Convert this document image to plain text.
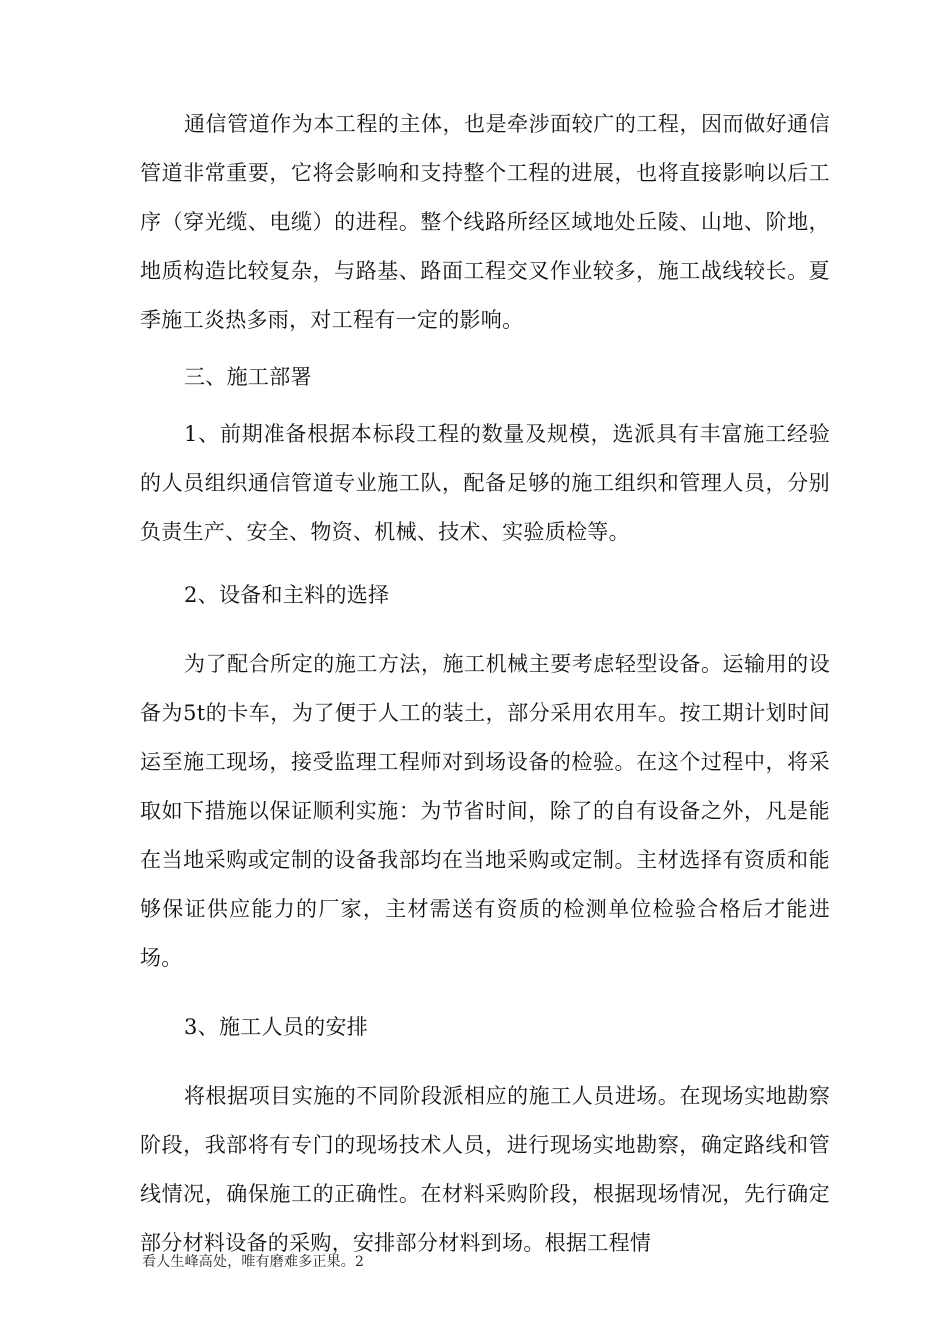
通信管道作为本工程的主体，也是牵涉面较广的工程，因而做好通信管道非常重要，它将会影响和支持整个工程的进展，也将直接影响以后工序（穿光缆、电缆）的进程。整个线路所经区域地处丘陵、山地、阶地，地质构造比较复杂，与路基、路面工程交叉作业较多，施工战线较长。夏季施工炎热多雨，对工程有一定的影响。

三、施工部署

1、前期准备根据本标段工程的数量及规模，选派具有丰富施工经验的人员组织通信管道专业施工队，配备足够的施工组织和管理人员，分别负责生产、安全、物资、机械、技术、实验质检等。

2、设备和主料的选择

为了配合所定的施工方法，施工机械主要考虑轻型设备。运输用的设备为5t的卡车，为了便于人工的装土，部分采用农用车。按工期计划时间运至施工现场，接受监理工程师对到场设备的检验。在这个过程中，将采取如下措施以保证顺利实施：为节省时间，除了的自有设备之外，凡是能在当地采购或定制的设备我部均在当地采购或定制。主材选择有资质和能够保证供应能力的厂家，主材需送有资质的检测单位检验合格后才能进场。

3、施工人员的安排

将根据项目实施的不同阶段派相应的施工人员进场。在现场实地勘察阶段，我部将有专门的现场技术人员，进行现场实地勘察，确定路线和管线情况，确保施工的正确性。在材料采购阶段，根据现场情况，先行确定部分材料设备的采购，安排部分材料到场。根据工程情

看人生峰高处，唯有磨难多正果。2
